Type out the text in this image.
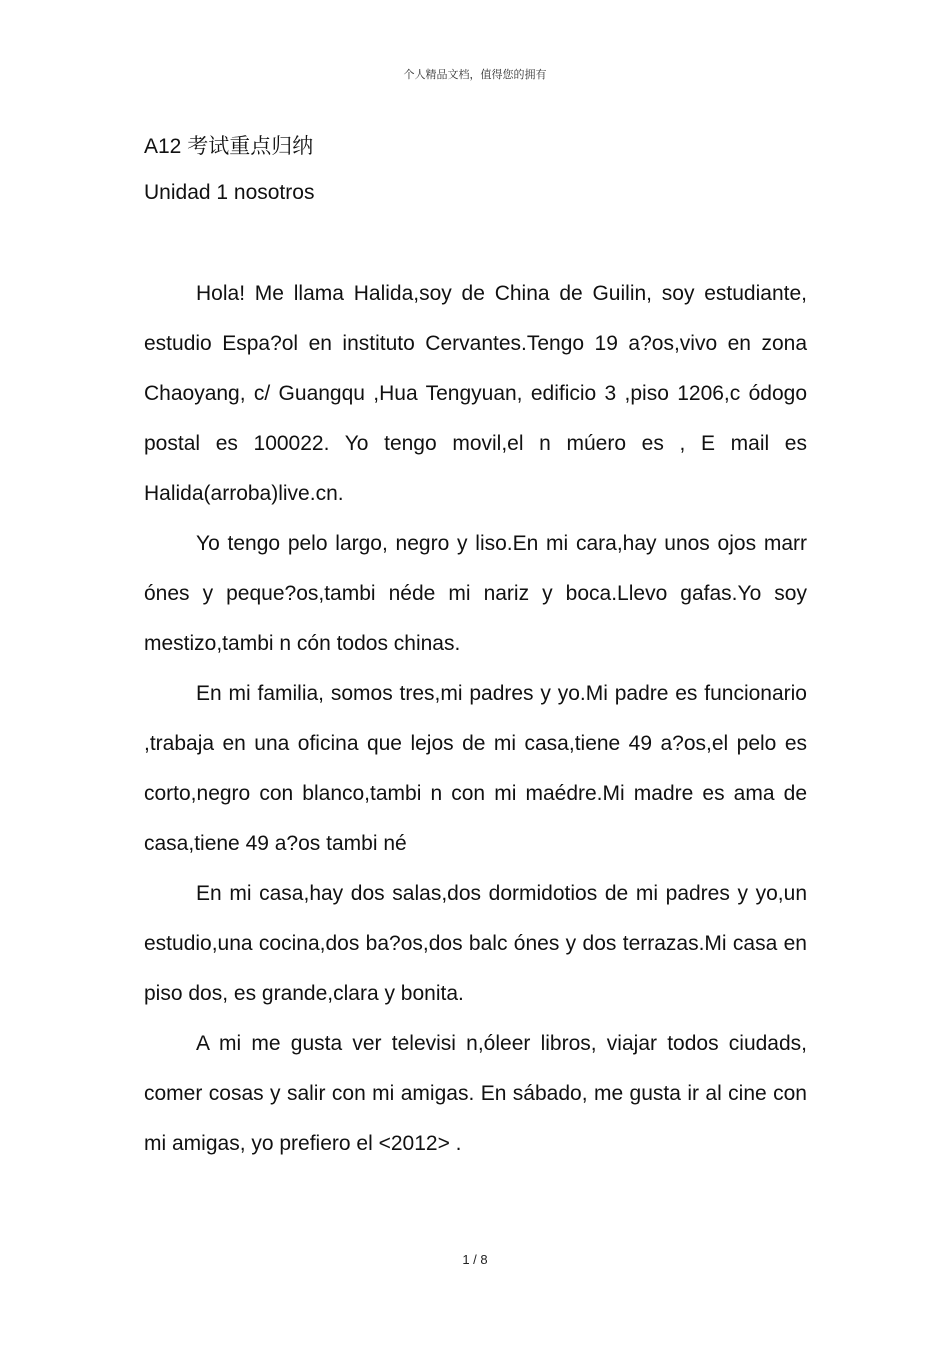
个人精品文档，值得您的拥有
A12 考试重点归纳
Unidad 1 nosotros

Hola! Me llama Halida,soy de China de Guilin, soy estudiante, estudio Espa?ol en instituto Cervantes.Tengo 19 a?os,vivo en zona Chaoyang, c/ Guangqu ,Hua Tengyuan, edificio 3 ,piso 1206,c ódogo postal es 100022. Yo tengo movil,el n múero es , E mail es Halida(arroba)live.cn.

Yo tengo pelo largo, negro y liso.En mi cara,hay unos ojos marr ónes y peque?os,tambi néde mi nariz y boca.Llevo gafas.Yo soy mestizo,tambi n cón todos chinas.

En mi familia, somos tres,mi padres y yo.Mi padre es funcionario ,trabaja en una oficina que lejos de mi casa,tiene 49 a?os,el pelo es corto,negro con blanco,tambi n con mi maédre.Mi madre es ama de casa,tiene 49 a?os tambi né

En mi casa,hay dos salas,dos dormidotios de mi padres y yo,un estudio,una cocina,dos ba?os,dos balc ónes y dos terrazas.Mi casa en piso dos, es grande,clara y bonita.

A mi me gusta ver televisi n,óleer libros, viajar todos ciudads, comer cosas y salir con mi amigas. En sábado, me gusta ir al cine con mi amigas, yo prefiero el <2012> .

1 / 8
